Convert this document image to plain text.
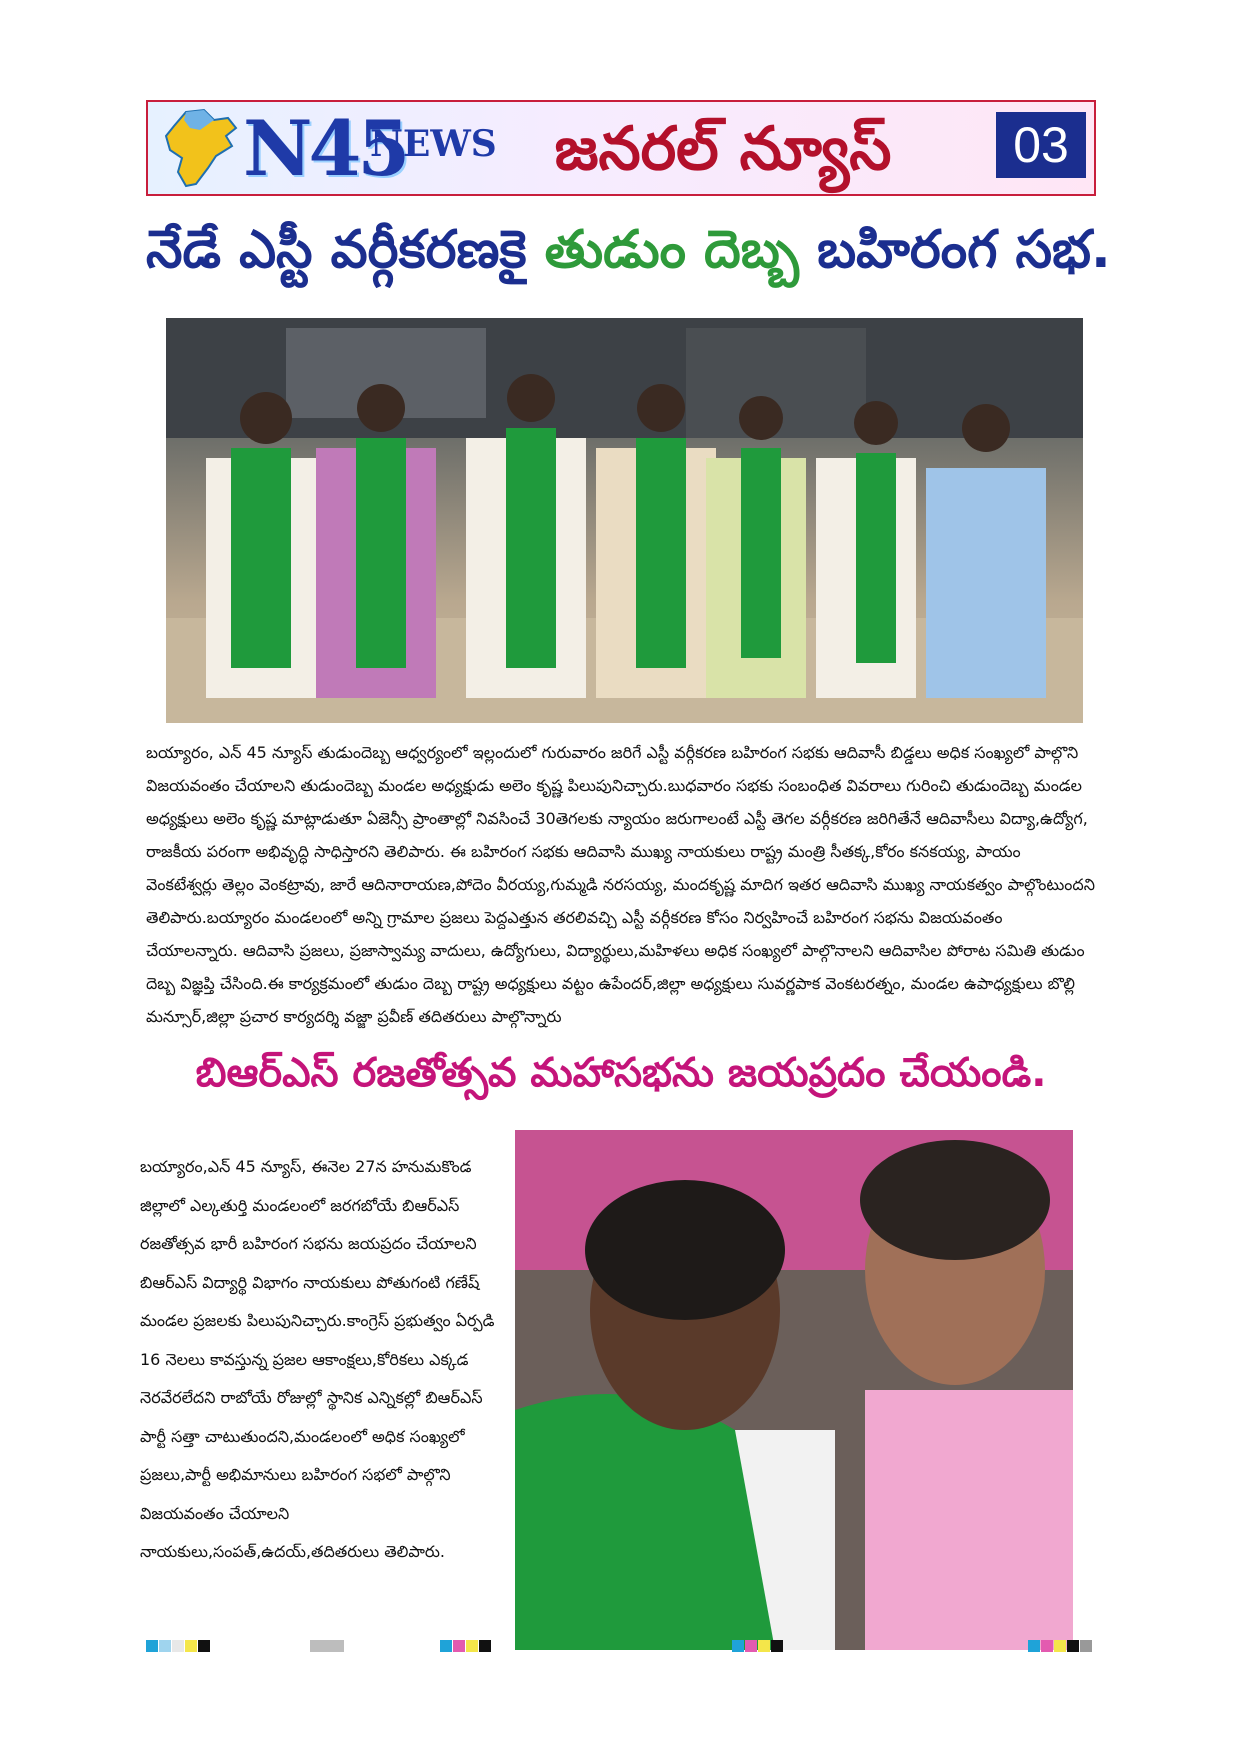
N45
NEWS జనరల్ న్యూస్	03
నేడే ఎస్టీ వర్గీకరణకై తుడుం దెబ్బ బహిరంగ సభ.
బయ్యారం, ఎన్ 45 న్యూస్ తుడుందెబ్బ ఆధ్వర్యంలో ఇల్లందులో గురువారం జరిగే ఎస్టీ వర్గీకరణ బహిరంగ సభకు ఆదివాసీ బిడ్డలు అధిక సంఖ్యలో పాల్గొని విజయవంతం చేయాలని తుడుందెబ్బ మండల అధ్యక్షుడు అలెం కృష్ణ పిలుపునిచ్చారు.బుధవారం సభకు సంబంధిత వివరాలు గురించి తుడుందెబ్బ మండల అధ్యక్షులు అలెం కృష్ణ మాట్లాడుతూ ఏజెన్సీ ప్రాంతాల్లో నివసించే 30తెగలకు న్యాయం జరుగాలంటే ఎస్టీ తెగల వర్గీకరణ జరిగితేనే ఆదివాసీలు విద్యా,ఉద్యోగ, రాజకీయ పరంగా అభివృద్ధి సాధిస్తారని తెలిపారు. ఈ బహిరంగ సభకు ఆదివాసి ముఖ్య నాయకులు రాష్ట్ర మంత్రి సీతక్క,కోరం కనకయ్య, పాయం వెంకటేశ్వర్లు తెల్లం వెంకట్రావు, జారే ఆదినారాయణ,పోదెం వీరయ్య,గుమ్మడి నరసయ్య, మందకృష్ణ మాదిగ ఇతర ఆదివాసి ముఖ్య నాయకత్వం పాల్గొంటుందని తెలిపారు.బయ్యారం మండలంలో అన్ని గ్రామాల ప్రజలు పెద్దఎత్తున తరలివచ్చి ఎస్టీ వర్గీకరణ కోసం నిర్వహించే బహిరంగ సభను విజయవంతం చేయాలన్నారు. ఆదివాసి ప్రజలు, ప్రజాస్వామ్య వాదులు, ఉద్యోగులు, విద్యార్థులు,మహిళలు అధిక సంఖ్యలో పాల్గొనాలని ఆదివాసిల పోరాట సమితి తుడుం దెబ్బ విజ్ఞప్తి చేసింది.ఈ కార్యక్రమంలో తుడుం దెబ్బ రాష్ట్ర అధ్యక్షులు వట్టం ఉపేందర్,జిల్లా అధ్యక్షులు సువర్ణపాక వెంకటరత్నం, మండల ఉపాధ్యక్షులు బొల్లి మన్సూర్,జిల్లా ప్రచార కార్యదర్శి వజ్జా ప్రవీణ్ తదితరులు పాల్గొన్నారు
బిఆర్ఎస్ రజతోత్సవ మహాసభను జయప్రదం చేయండి.
బయ్యారం,ఎన్ 45 న్యూస్, ఈనెల 27న హనుమకొండ జిల్లాలో ఎల్కతుర్తి మండలంలో జరగబోయే బిఆర్ఎస్ రజతోత్సవ భారీ బహిరంగ సభను జయప్రదం చేయాలని బిఆర్ఎస్ విద్యార్థి విభాగం నాయకులు పోతుగంటి గణేష్ మండల ప్రజలకు పిలుపునిచ్చారు.కాంగ్రెస్ ప్రభుత్వం ఏర్పడి 16 నెలలు కావస్తున్న ప్రజల ఆకాంక్షలు,కోరికలు ఎక్కడ నెరవేరలేదని రాబోయే రోజుల్లో స్థానిక ఎన్నికల్లో బిఆర్ఎస్ పార్టీ సత్తా చాటుతుందని,మండలంలో అధిక సంఖ్యలో ప్రజలు,పార్టీ అభిమానులు బహిరంగ సభలో పాల్గొని విజయవంతం చేయాలని నాయకులు,సంపత్,ఉదయ్,తదితరులు తెలిపారు.
